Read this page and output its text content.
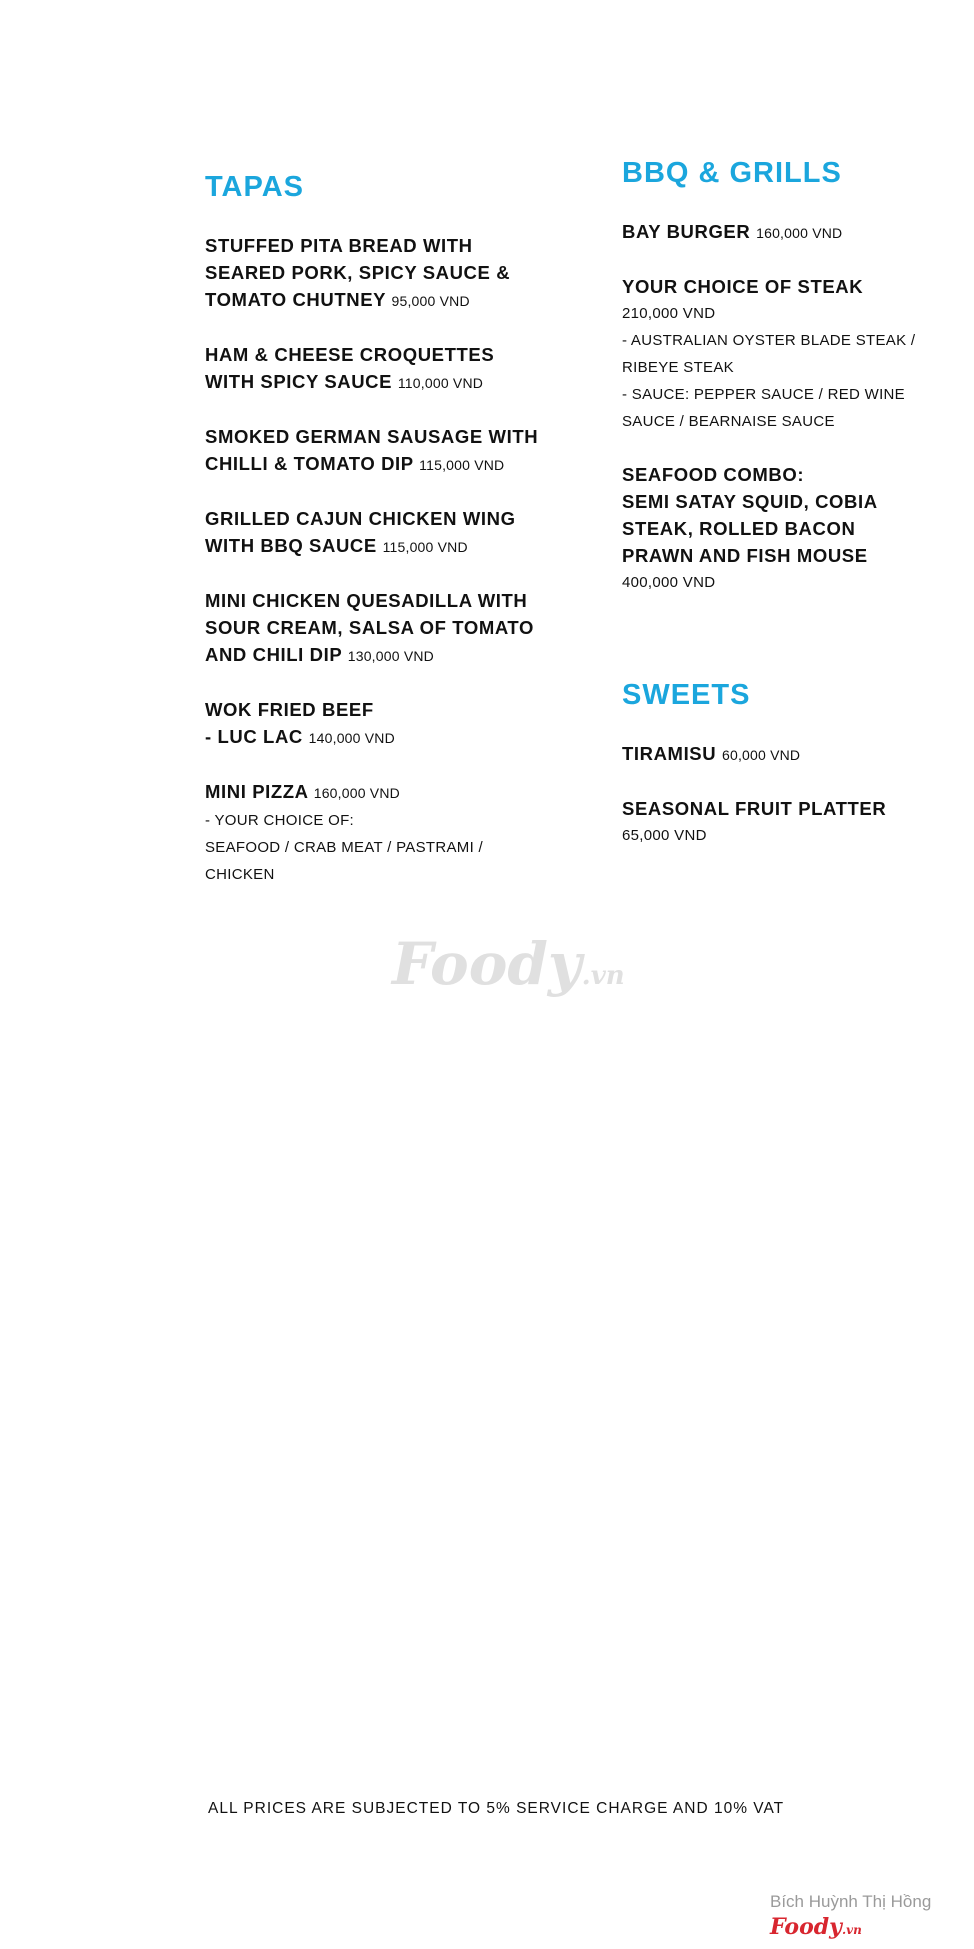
TAPAS
STUFFED PITA BREAD WITH
SEARED PORK, SPICY SAUCE &
TOMATO CHUTNEY 95,000 VND
HAM & CHEESE CROQUETTES
WITH SPICY SAUCE 110,000 VND
SMOKED GERMAN SAUSAGE WITH
CHILLI & TOMATO DIP 115,000 VND
GRILLED CAJUN CHICKEN WING
WITH BBQ SAUCE 115,000 VND
MINI CHICKEN QUESADILLA WITH
SOUR CREAM, SALSA OF TOMATO
AND CHILI DIP 130,000 VND
WOK FRIED BEEF
- LUC LAC 140,000 VND
MINI PIZZA 160,000 VND
- YOUR CHOICE OF:
SEAFOOD / CRAB MEAT / PASTRAMI /
CHICKEN
BBQ & GRILLS
BAY BURGER 160,000 VND
YOUR CHOICE OF STEAK
210,000 VND
- AUSTRALIAN OYSTER BLADE STEAK /
RIBEYE STEAK
- SAUCE: PEPPER SAUCE / RED WINE
SAUCE / BEARNAISE SAUCE
SEAFOOD COMBO:
SEMI SATAY SQUID, COBIA
STEAK, ROLLED BACON
PRAWN AND FISH MOUSE
400,000 VND
SWEETS
TIRAMISU 60,000 VND
SEASONAL FRUIT PLATTER
65,000 VND
Foody.vn
ALL PRICES ARE SUBJECTED TO 5% SERVICE CHARGE AND 10% VAT
Bích Huỳnh Thị Hồng
Foody.vn
